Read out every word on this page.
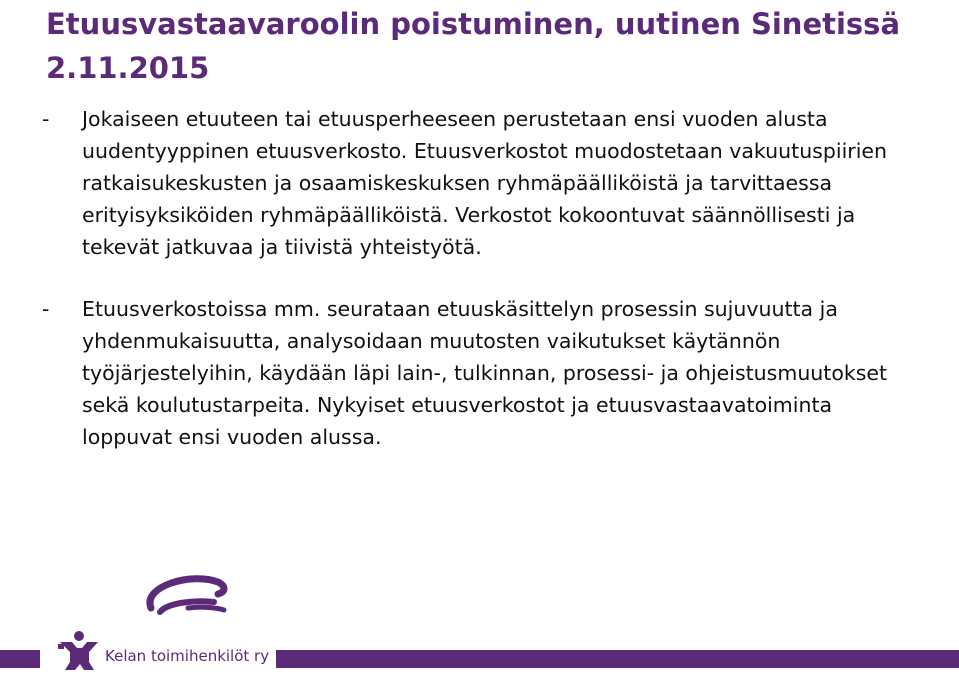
Etuusvastaavaroolin poistuminen, uutinen Sinetissä 2.11.2015
- Jokaiseen etuuteen tai etuusperheeseen perustetaan ensi vuoden alusta uudentyyppinen etuusverkosto. Etuusverkostot muodostetaan vakuutuspiirien ratkaisukeskusten ja osaamiskeskuksen ryhmäpäälliköistä ja tarvittaessa erityisyksiköiden ryhmäpäälliköistä. Verkostot kokoontuvat säännöllisesti ja tekevät jatkuvaa ja tiivistä yhteistyötä.
- Etuusverkostoissa mm. seurataan etuuskäsittelyn prosessin sujuvuutta ja yhdenmukaisuutta, analysoidaan muutosten vaikutukset käytännön työjärjestelyihin, käydään läpi lain-, tulkinnan, prosessi- ja ohjeistusmuutokset sekä koulutustarpeita. Nykyiset etuusverkostot ja etuusvastaavatoiminta loppuvat ensi vuoden alussa.
Kelan toimihenkilöt ry
